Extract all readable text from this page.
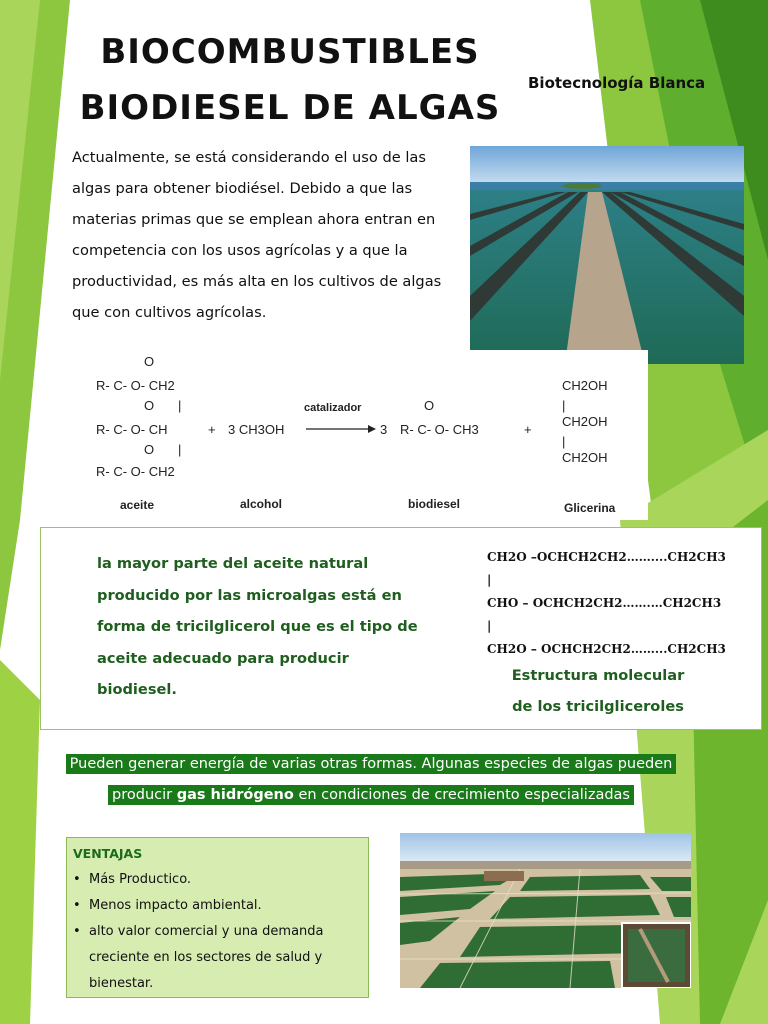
BIOCOMBUSTIBLES
BIODIESEL DE ALGAS
Biotecnología Blanca

Actualmente, se está considerando el uso de las algas para obtener biodiésel. Debido a que las materias primas que se emplean ahora entran en competencia con los usos agrícolas y a que la productividad, es más alta en los cultivos de algas que con cultivos agrícolas.

O
R- C- O- CH2
O |
R- C- O- CH
O |
R- C- O- CH2
+ 3 CH3OH
catalizador
3
O
R- C- O- CH3	+
CH2OH
|
CH2OH
|
CH2OH
aceite	alcohol	biodiesel	Glicerina

la mayor parte del aceite natural producido por las microalgas está en forma de tricilglicerol que es el tipo de aceite adecuado para producir biodiesel.

CH2O –OCHCH2CH2……....CH2CH3
|
CHO – OCHCH2CH2…….…CH2CH3
|
CH2O – OCHCH2CH2……...CH2CH3
Estructura molecular
de los tricilgliceroles
Pueden generar energía de varias otras formas. Algunas especies de algas pueden
producir gas hidrógeno en condiciones de crecimiento especializadas
VENTAJAS
• Más Productico.
• Menos impacto ambiental.
• alto valor comercial y una demanda creciente en los sectores de salud y bienestar.
